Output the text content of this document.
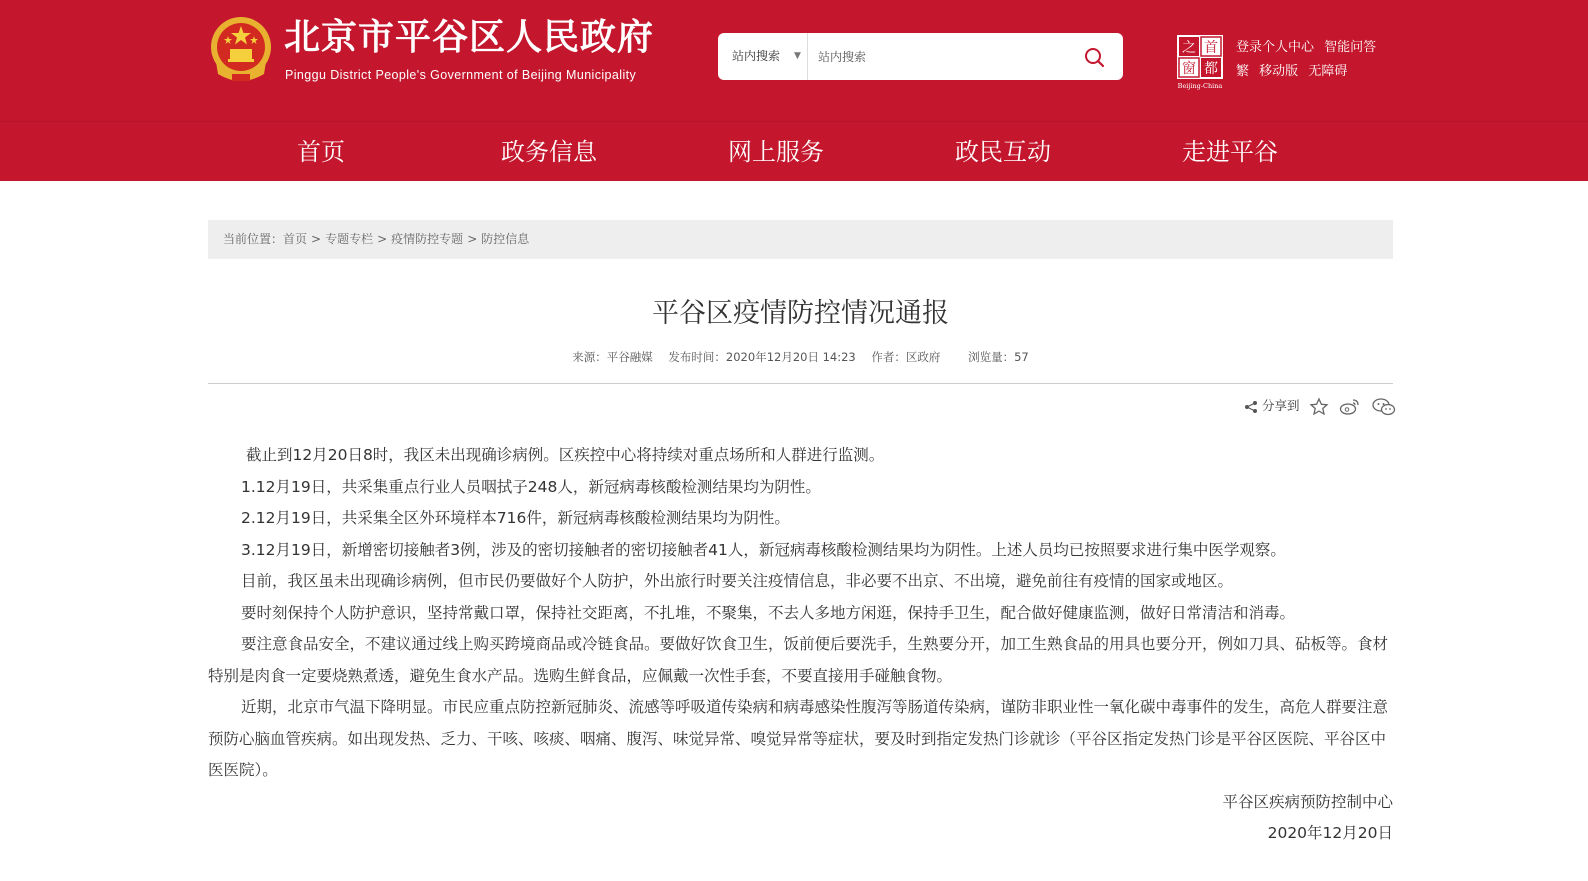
北京市平谷区人民政府
Pinggu District People's Government of Beijing Municipality
站内搜索 ▼
站内搜索	之 首
窗 都
Beijing-China
登录个人中心 智能问答
繁 移动版 无障碍
首页	政务信息	网上服务	政民互动	走进平谷
当前位置：首页 > 专题专栏 > 疫情防控专题 > 防控信息
平谷区疫情防控情况通报
来源：平谷融媒 发布时间：2020年12月20日 14:23 作者：区政府 浏览量：57
分享到

截止到12月20日8时，我区未出现确诊病例。区疾控中心将持续对重点场所和人群进行监测。

1.12月19日，共采集重点行业人员咽拭子248人，新冠病毒核酸检测结果均为阴性。

2.12月19日，共采集全区外环境样本716件，新冠病毒核酸检测结果均为阴性。

3.12月19日，新增密切接触者3例，涉及的密切接触者的密切接触者41人，新冠病毒核酸检测结果均为阴性。上述人员均已按照要求进行集中医学观察。

目前，我区虽未出现确诊病例，但市民仍要做好个人防护，外出旅行时要关注疫情信息，非必要不出京、不出境，避免前往有疫情的国家或地区。

要时刻保持个人防护意识，坚持常戴口罩，保持社交距离，不扎堆，不聚集，不去人多地方闲逛，保持手卫生，配合做好健康监测，做好日常清洁和消毒。

要注意食品安全，不建议通过线上购买跨境商品或冷链食品。要做好饮食卫生，饭前便后要洗手，生熟要分开，加工生熟食品的用具也要分开，例如刀具、砧板等。食材特别是肉食一定要烧熟煮透，避免生食水产品。选购生鲜食品，应佩戴一次性手套，不要直接用手碰触食物。

近期，北京市气温下降明显。市民应重点防控新冠肺炎、流感等呼吸道传染病和病毒感染性腹泻等肠道传染病，谨防非职业性一氧化碳中毒事件的发生，高危人群要注意预防心脑血管疾病。如出现发热、乏力、干咳、咳痰、咽痛、腹泻、味觉异常、嗅觉异常等症状，要及时到指定发热门诊就诊（平谷区指定发热门诊是平谷区医院、平谷区中医医院）。

平谷区疾病预防控制中心

2020年12月20日
